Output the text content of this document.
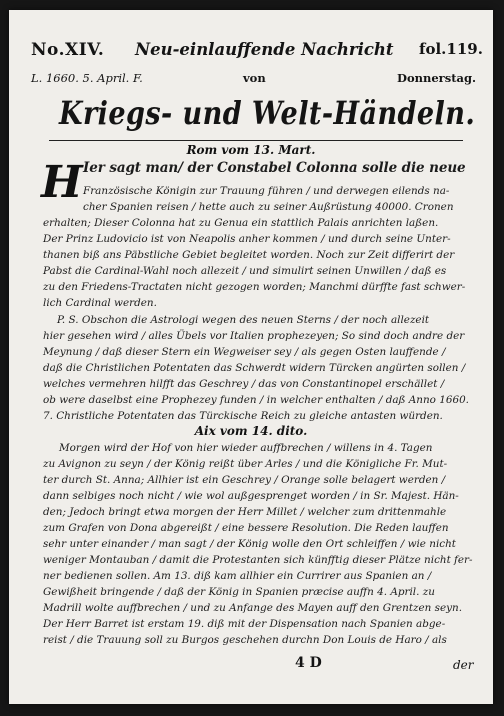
No.XIV. Neu-einlauffende Nachricht fol.119.
L. 1660. 5. April. F.	von	Donnerstag.
Kriegs- und Welt-Händeln.
Rom vom 13. Mart.
H Ier sagt man/ der Constabel Colonna solle die neue
Französische Königin zur Trauung führen / und derwegen eilends na-
cher Spanien reisen / hette auch zu seiner Außrüstung 40000. Cronen
erhalten; Dieser Colonna hat zu Genua ein stattlich Palais anrichten laßen.
Der Prinz Ludovicio ist von Neapolis anher kommen / und durch seine Unter-
thanen biß ans Päbstliche Gebiet begleitet worden. Noch zur Zeit differirt der
Pabst die Cardinal-Wahl noch allezeit / und simulirt seinen Unwillen / daß es
zu den Friedens-Tractaten nicht gezogen worden; Manchmi dürffte fast schwer-
lich Cardinal werden.
P. S. Obschon die Astrologi wegen des neuen Sterns / der noch allezeit
hier gesehen wird / alles Übels vor Italien prophezeyen; So sind doch andre der
Meynung / daß dieser Stern ein Wegweiser sey / als gegen Osten lauffende /
daß die Christlichen Potentaten das Schwerdt widern Türcken angürten sollen /
welches vermehren hilfft das Geschrey / das von Constantinopel erschället /
ob were daselbst eine Prophezey funden / in welcher enthalten / daß Anno 1660.
7. Christliche Potentaten das Türckische Reich zu gleiche antasten würden.
Aix vom 14. dito.
Morgen wird der Hof von hier wieder auffbrechen / willens in 4. Tagen
zu Avignon zu seyn / der König reißt über Arles / und die Königliche Fr. Mut-
ter durch St. Anna; Allhier ist ein Geschrey / Orange solle belagert werden /
dann selbiges noch nicht / wie wol außgesprenget worden / in Sr. Majest. Hän-
den; Jedoch bringt etwa morgen der Herr Millet / welcher zum drittenmahle
zum Grafen von Dona abgereißt / eine bessere Resolution. Die Reden lauffen
sehr unter einander / man sagt / der König wolle den Ort schleiffen / wie nicht
weniger Montauban / damit die Protestanten sich künfftig dieser Plätze nicht fer-
ner bedienen sollen. Am 13. diß kam allhier ein Currirer aus Spanien an /
Gewißheit bringende / daß der König in Spanien præcise auffn 4. April. zu
Madrill wolte auffbrechen / und zu Anfange des Mayen auff den Grentzen seyn.
Der Herr Barret ist erstam 19. diß mit der Dispensation nach Spanien abge-
reist / die Trauung soll zu Burgos geschehen durchn Don Louis de Haro / als
4 D	der
